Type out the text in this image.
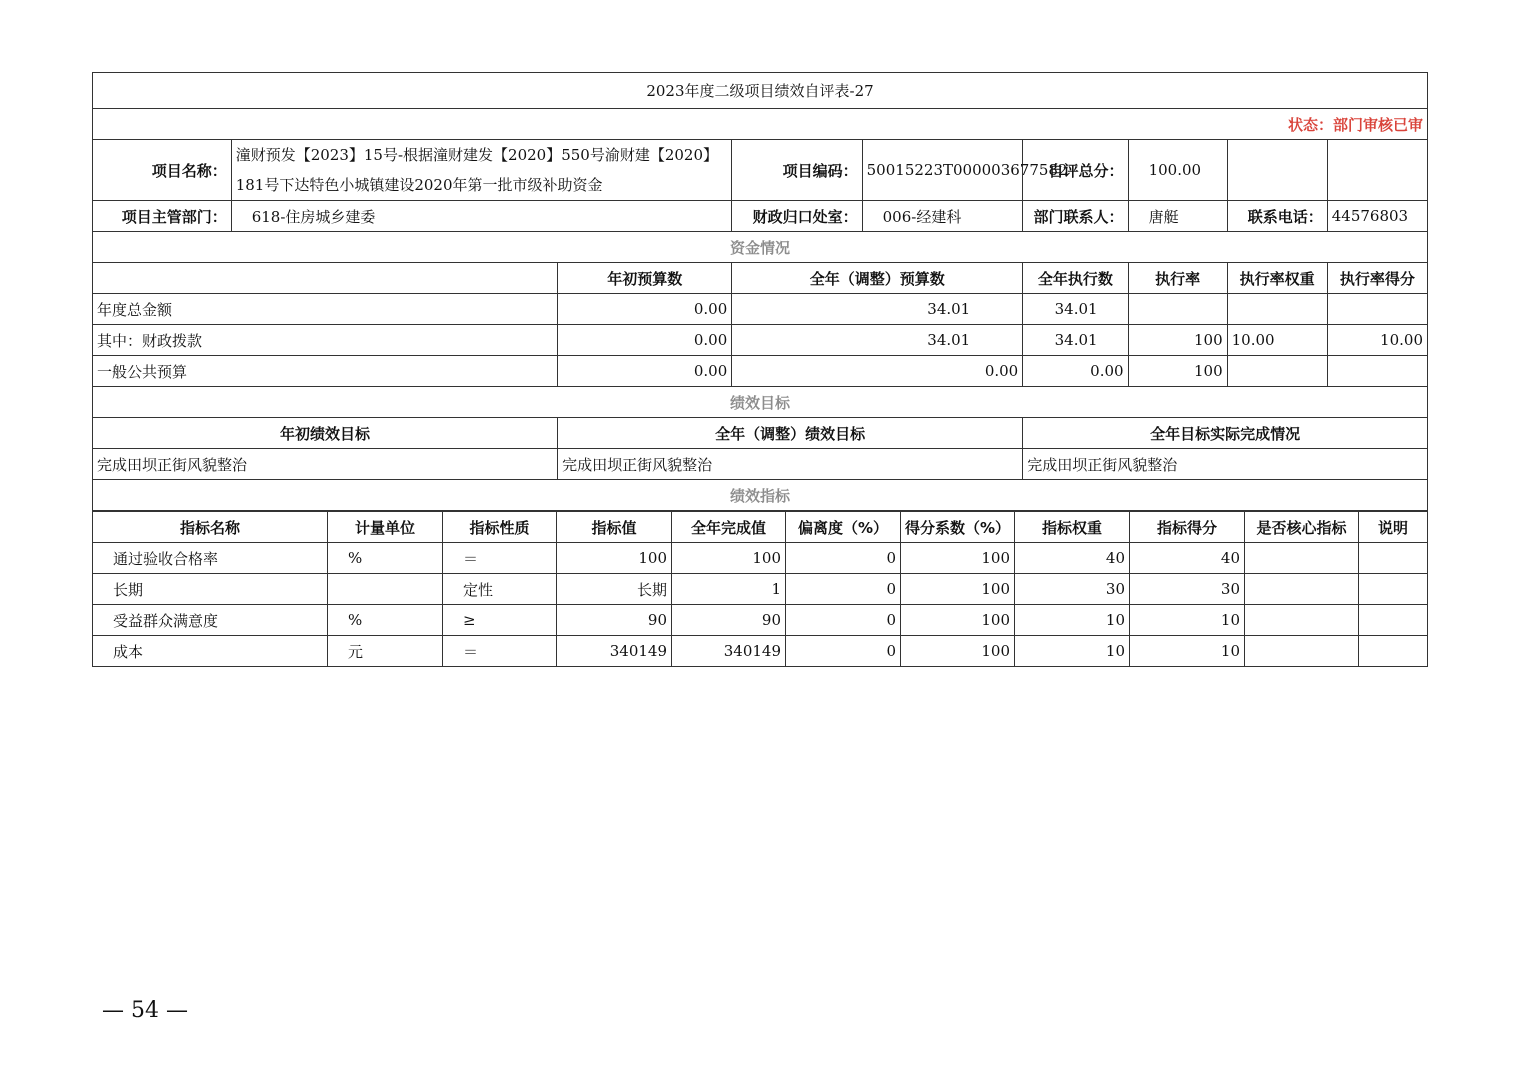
2023年度二级项目绩效自评表-27								
状态：部门审核已审								
项目名称：	潼财预发【2023】15号-根据潼财建发【2020】550号渝财建【2020】181号下达特色小城镇建设2020年第一批市级补助资金		项目编码：	50015223T000003677582	自评总分：	100.00		
项目主管部门：	618-住房城乡建委		财政归口处室：	006-经建科	部门联系人：	唐艇	联系电话：	44576803
资金情况								
		年初预算数	全年（调整）预算数		全年执行数	执行率	执行率权重	执行率得分
年度总金额		0.00	34.01		34.01			
其中：财政拨款		0.00	34.01		34.01	100	10.00	10.00
一般公共预算		0.00	0.00		0.00	100		
绩效目标								
年初绩效目标		全年（调整）绩效目标			全年目标实际完成情况			
完成田坝正街风貌整治		完成田坝正街风貌整治			完成田坝正街风貌整治			
绩效指标								
指标名称	计量单位	指标性质	指标值	全年完成值	偏离度（%）	得分系数（%）	指标权重	指标得分	是否核心指标	说明
通过验收合格率	%	＝	100	100	0	100	40	40		
长期		定性	长期	1	0	100	30	30		
受益群众满意度	%	≥	90	90	0	100	10	10		
成本	元	＝	340149	340149	0	100	10	10		
— 54 —
